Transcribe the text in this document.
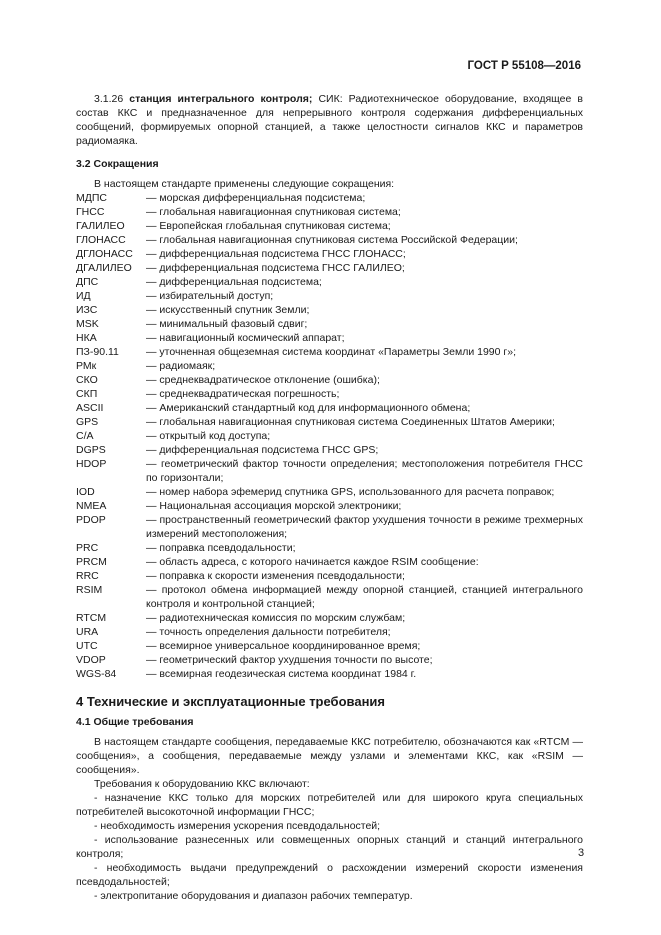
ГОСТ Р 55108—2016

3.1.26 станция интегрального контроля; СИК: Радиотехническое оборудование, входящее в состав ККС и предназначенное для непрерывного контроля содержания дифференциальных сообщений, формируемых опорной станцией, а также целостности сигналов ККС и параметров радиомаяка.

3.2 Сокращения

В настоящем стандарте применены следующие сокращения:

МДПС	— морская дифференциальная подсистема;
ГНСС	— глобальная навигационная спутниковая система;
ГАЛИЛЕО	— Европейская глобальная спутниковая система;
ГЛОНАСС	— глобальная навигационная спутниковая система Российской Федерации;
ДГЛОНАСС	— дифференциальная подсистема ГНСС ГЛОНАСС;
ДГАЛИЛЕО	— дифференциальная подсистема ГНСС ГАЛИЛЕО;
ДПС	— дифференциальная подсистема;
ИД	— избирательный доступ;
ИЗС	— искусственный спутник Земли;
MSK	— минимальный фазовый сдвиг;
НКА	— навигационный космический аппарат;
ПЗ-90.11	— уточненная общеземная система координат «Параметры Земли 1990 г»;
РМк	— радиомаяк;
СКО	— среднеквадратическое отклонение (ошибка);
СКП	— среднеквадратическая погрешность;
ASCII	— Американский стандартный код для информационного обмена;
GPS	— глобальная навигационная спутниковая система Соединенных Штатов Америки;
C/A	— открытый код доступа;
DGPS	— дифференциальная подсистема ГНСС GPS;
HDOP	— геометрический фактор точности определения; местоположения потребителя ГНСС по горизонтали;
IOD	— номер набора эфемерид спутника GPS, использованного для расчета поправок;
NMEA	— Национальная ассоциация морской электроники;
PDOP	— пространственный геометрический фактор ухудшения точности в режиме трехмерных измерений местоположения;
PRC	— поправка псевдодальности;
PRCM	— область адреса, с которого начинается каждое RSIM сообщение:
RRC	— поправка к скорости изменения псевдодальности;
RSIM	— протокол обмена информацией между опорной станцией, станцией интегрального контроля и контрольной станцией;
RTCM	— радиотехническая комиссия по морским службам;
URA	— точность определения дальности потребителя;
UTC	— всемирное универсальное координированное время;
VDOP	— геометрический фактор ухудшения точности по высоте;
WGS-84	— всемирная геодезическая система координат 1984 г.
4 Технические и эксплуатационные требования
4.1 Общие требования

В настоящем стандарте сообщения, передаваемые ККС потребителю, обозначаются как «RTCM — сообщения», а сообщения, передаваемые между узлами и элементами ККС, как «RSIM — сообщения».

Требования к оборудованию ККС включают:

- назначение ККС только для морских потребителей или для широкого круга специальных потребителей высокоточной информации ГНСС;

- необходимость измерения ускорения псевдодальностей;

- использование разнесенных или совмещенных опорных станций и станций интегрального контроля;

- необходимость выдачи предупреждений о расхождении измерений скорости изменения псевдодальностей;

- электропитание оборудования и диапазон рабочих температур.

3
